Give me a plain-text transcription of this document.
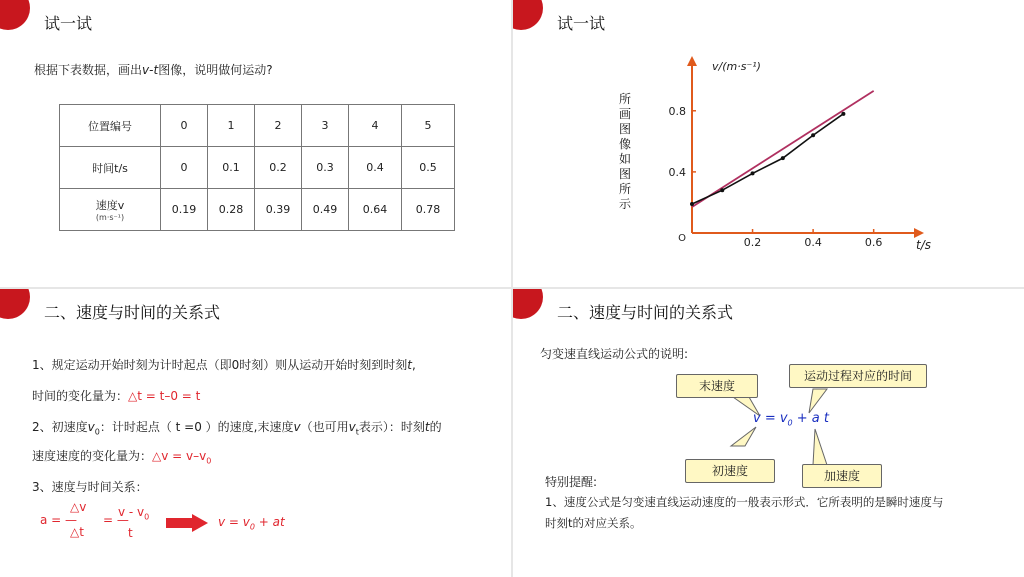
试一试
根据下表数据，画出v-t图像，说明做何运动?
位置编号	0	1	2	3	4	5
时间t/s	0	0.1	0.2	0.3	0.4	0.5
速度v
(m·s⁻¹)	0.19	0.28	0.39	0.49	0.64	0.78
试一试
所画图像如图所示
0.2	0.4	0.6
0.4
0.8
O
v/(m·s⁻¹)
t/s
二、速度与时间的关系式
1、规定运动开始时刻为计时起点（即0时刻）则从运动开始时刻到时刻t,
时间的变化量为：△t = t–0 = t
2、初速度$v_0$：计时起点（ t =0 ）的速度,末速度v（也可用$v_t$表示）：时刻t的
速度速度的变化量为：△v = $v-v_0$
3、速度与时间关系：
a = —
△v
△t
= —
v - $v_0$
t
$v = v_0$ + at
二、速度与时间的关系式
匀变速直线运动公式的说明:
特别提醒:
1、速度公式是匀变速直线运动速度的一般表示形式．它所表明的是瞬时速度与
时刻t的对应关系。
末速度
运动过程对应的时间
初速度	加速度
$v = v_0 + a$ t
